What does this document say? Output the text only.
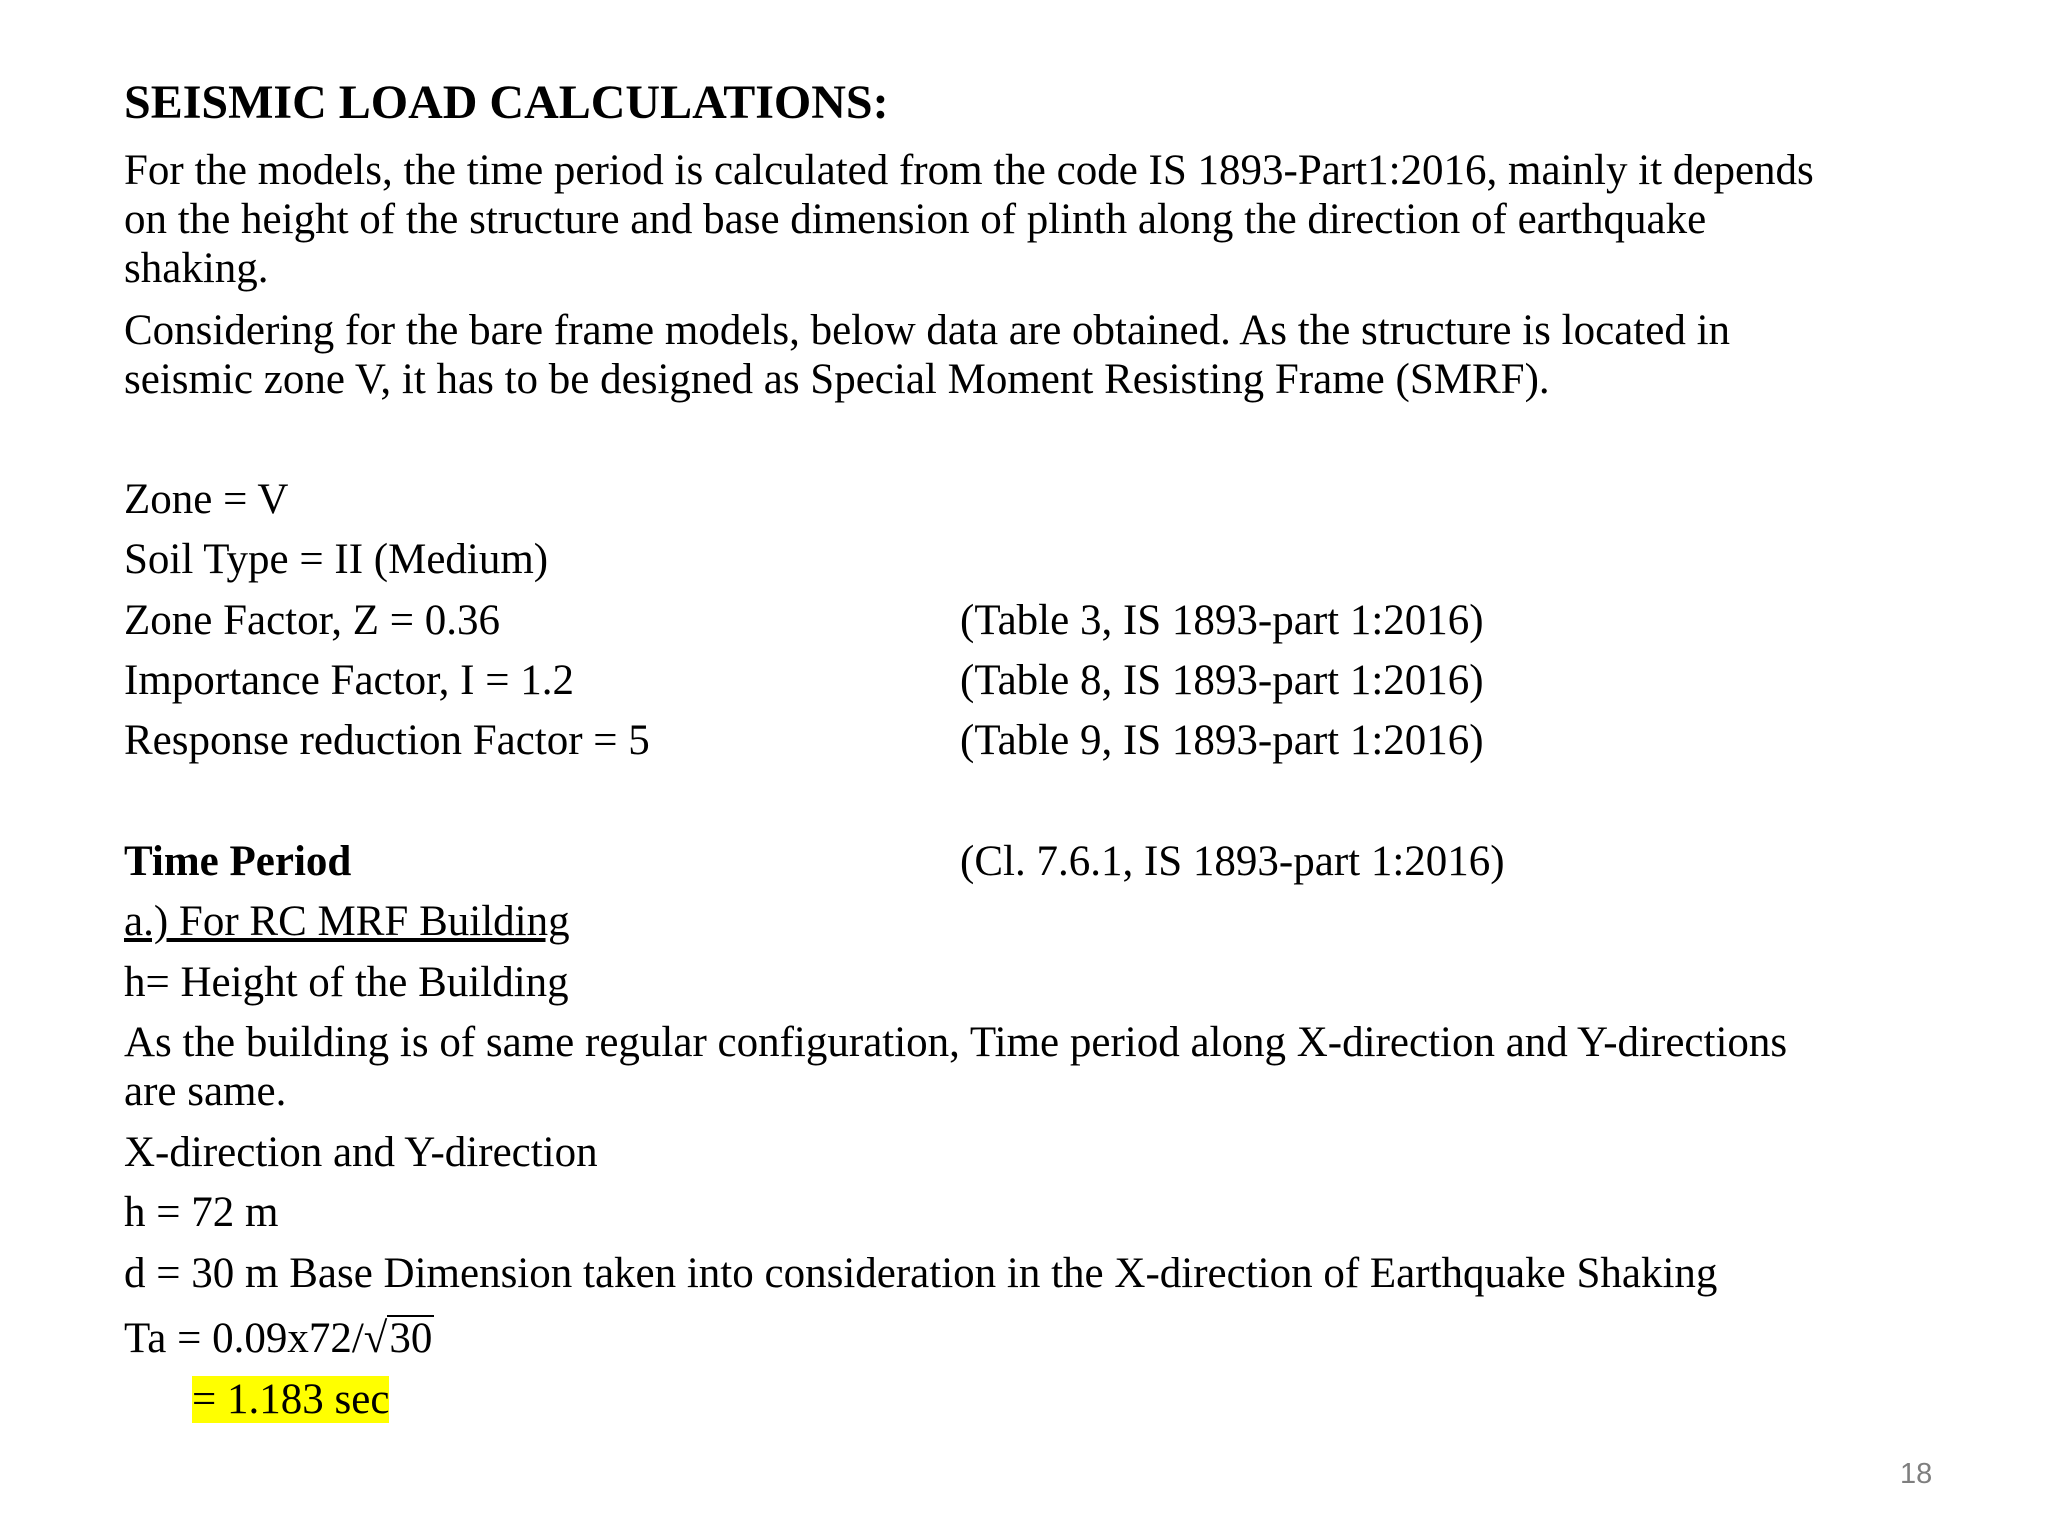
SEISMIC LOAD CALCULATIONS:
For the models, the time period is calculated from the code IS 1893-Part1:2016, mainly it depends
on the height of the structure and base dimension of plinth along the direction of earthquake
shaking.
Considering for the bare frame models, below data are obtained. As the structure is located in
seismic zone V, it has to be designed as Special Moment Resisting Frame (SMRF).
Zone = V
Soil Type = II (Medium)
Zone Factor, Z = 0.36	(Table 3, IS 1893-part 1:2016)
Importance Factor, I = 1.2	(Table 8, IS 1893-part 1:2016)
Response reduction Factor = 5	(Table 9, IS 1893-part 1:2016)
Time Period	(Cl. 7.6.1, IS 1893-part 1:2016)
a.) For RC MRF Building
h= Height of the Building
As the building is of same regular configuration, Time period along X-direction and Y-directions
are same.
X-direction and Y-direction
h = 72 m
d = 30 m Base Dimension taken into consideration in the X-direction of Earthquake Shaking
Ta = 0.09x72/√30
= 1.183 sec
18
